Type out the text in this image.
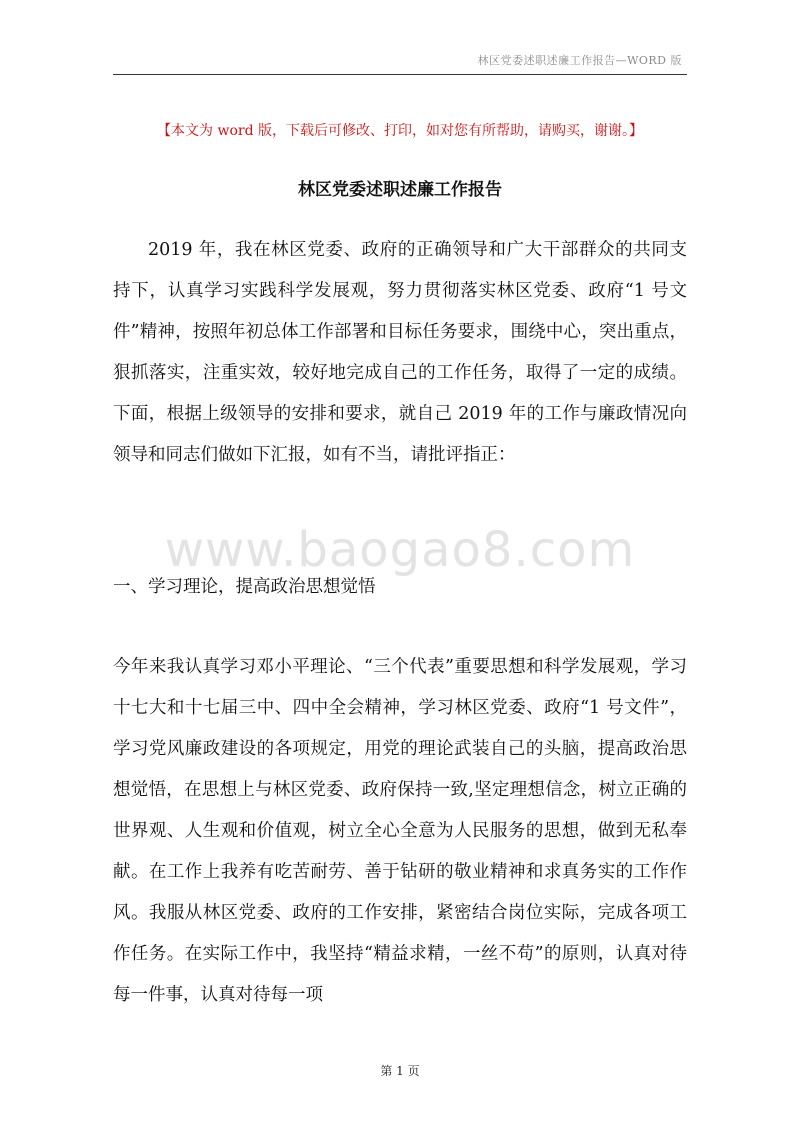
林区党委述职述廉工作报告—WORD 版
www.baogao8.com
【本文为 word 版，下载后可修改、打印，如对您有所帮助，请购买，谢谢。】
林区党委述职述廉工作报告

2019 年，我在林区党委、政府的正确领导和广大干部群众的共同支持下，认真学习实践科学发展观，努力贯彻落实林区党委、政府“1 号文件”精神，按照年初总体工作部署和目标任务要求，围绕中心，突出重点，狠抓落实，注重实效，较好地完成自己的工作任务，取得了一定的成绩。下面，根据上级领导的安排和要求，就自己 2019 年的工作与廉政情况向领导和同志们做如下汇报，如有不当，请批评指正：

一、学习理论，提高政治思想觉悟

今年来我认真学习邓小平理论、“三个代表”重要思想和科学发展观，学习十七大和十七届三中、四中全会精神，学习林区党委、政府“1 号文件”，学习党风廉政建设的各项规定，用党的理论武装自己的头脑，提高政治思想觉悟，在思想上与林区党委、政府保持一致,坚定理想信念，树立正确的世界观、人生观和价值观，树立全心全意为人民服务的思想，做到无私奉献。在工作上我养有吃苦耐劳、善于钻研的敬业精神和求真务实的工作作风。我服从林区党委、政府的工作安排，紧密结合岗位实际，完成各项工作任务。在实际工作中，我坚持“精益求精，一丝不苟”的原则，认真对待每一件事，认真对待每一项

第 1 页
